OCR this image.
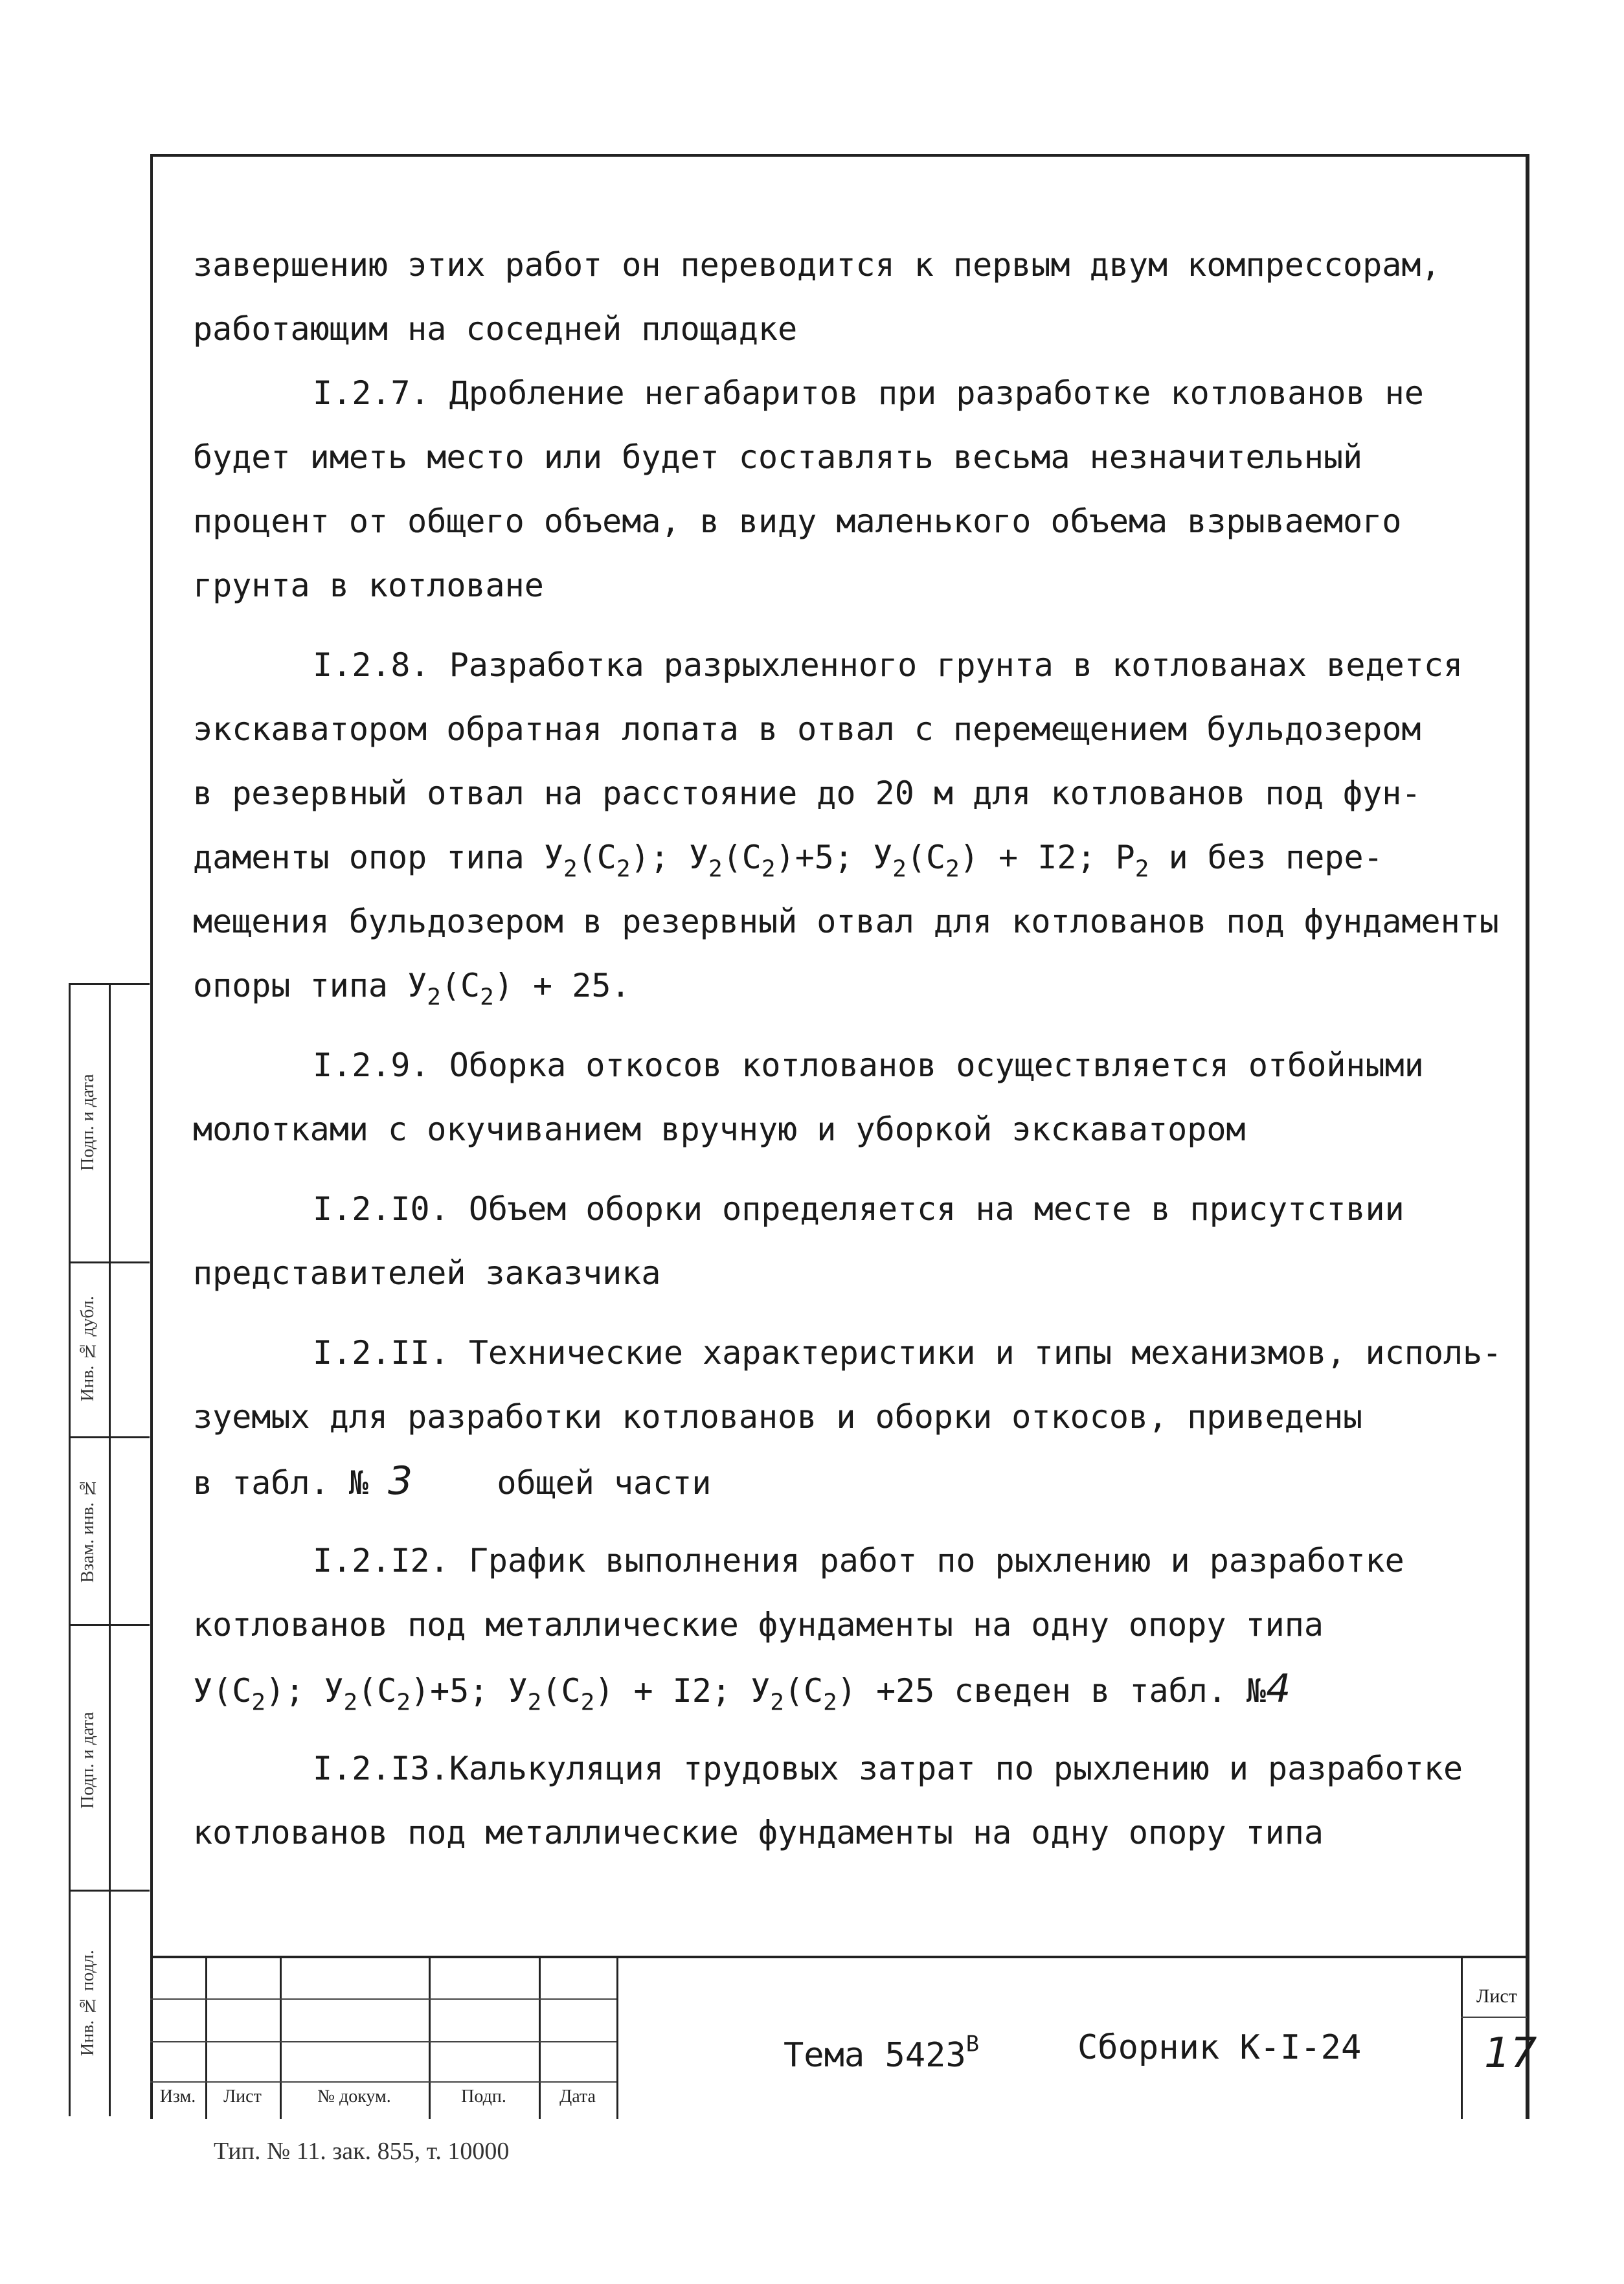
завершению этих работ он переводится к первым двум компрессорам,
работающим на соседней площадке
I.2.7. Дробление негабаритов при разработке котлованов не
будет иметь место или будет составлять весьма незначительный
процент от общего объема, в виду маленького объема взрываемого
грунта в котловане
I.2.8. Разработка разрыхленного грунта в котлованах ведется
экскаватором обратная лопата в отвал с перемещением бульдозером
в резервный отвал на расстояние до 20 м для котлованов под фун-
даменты опор типа $У_2(С_2)$; $У_2(С_2)+5$; $У_2(С_2) + I2$; $Р_2$ и без пере-
мещения бульдозером в резервный отвал для котлованов под фундаменты
опоры типа $У_2(С_2) + 25$.
I.2.9. Оборка откосов котлованов осуществляется отбойными
молотками с окучиванием вручную и уборкой экскаватором
I.2.I0. Объем оборки определяется на месте в присутствии
представителей заказчика
I.2.II. Технические характеристики и типы механизмов, исполь-
зуемых для разработки котлованов и оборки откосов, приведены
в табл. № 3	общей части
I.2.I2. График выполнения работ по рыхлению и разработке
котлованов под металлические фундаменты на одну опору типа
$У(С_2)$; $У_2(С_2)+5$; $У_2(С_2) + I2$; $У_2(С_2) +25$ сведен в табл. №4
I.2.I3.Калькуляция трудовых затрат по рыхлению и разработке
котлованов под металлические фундаменты на одну опору типа
Подп. и дата
Инв. № дубл.
Взам. инв. №
Подп. и дата
Инв. № подл.
Изм.	Лист	№ докум.	Подп.	Дата
Тема $5423^В$	Сборник К-I-24
Лист
17
Тип. № 11. зак. 855, т. 10000
